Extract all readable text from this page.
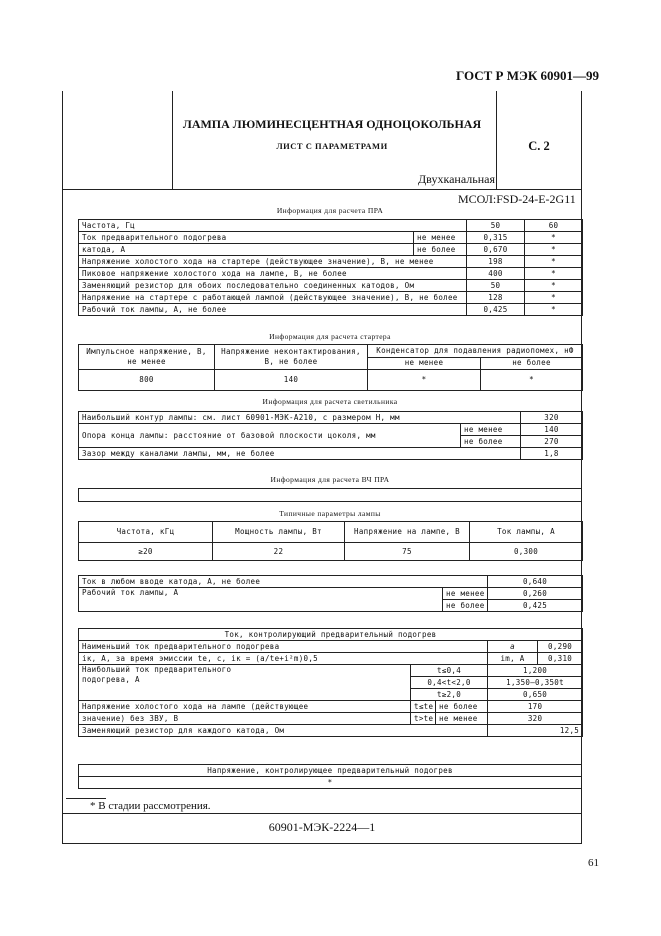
ГОСТ Р МЭК 60901—99
ЛАМПА ЛЮМИНЕСЦЕНТНАЯ ОДНОЦОКОЛЬНАЯ
ЛИСТ С ПАРАМЕТРАМИ	С. 2
Двухканальная
МСОЛ:FSD-24-E-2G11
Информация для расчета ПРА
Частота, Гц		50	60
Ток предварительного подогрева	не менее	0,315	*
катода, А	не более	0,670	*
Напряжение холостого хода на стартере (действующее значение), В, не менее		198	*
Пиковое напряжение холостого хода на лампе, В, не более		400	*
Заменяющий резистор для обоих последовательно соединенных катодов, Ом		50	*
Напряжение на стартере с работающей лампой (действующее значение), В, не более		128	*
Рабочий ток лампы, А, не более		0,425	*
Информация для расчета стартера
Импульсное напряжение, В, не менее	Напряжение неконтактирования, В, не более	Конденсатор для подавления радиопомех, нФ	
		не менее	не более
800	140	*	*
Информация для расчета светильника
Наибольший контур лампы: см. лист 60901-МЭК-А210, с размером H, мм		320
Опора конца лампы: расстояние от базовой плоскости цоколя, мм	не менее	140
	не более	270
Зазор между каналами лампы, мм, не более		1,8
Информация для расчета ВЧ ПРА
Типичные параметры лампы
Частота, кГц	Мощность лампы, Вт	Напряжение на лампе, В	Ток лампы, А
≥20	22	75	0,300
Ток в любом вводе катода, А, не более		0,640
Рабочий ток лампы, А	не менее	0,260
	не более	0,425
Ток, контролирующий предварительный подогрев				
Наименьший ток предварительного подогрева			a	0,290
iк, А, за время эмиссии tе, с, iк = (a/tе+i²m)0,5			im, А	0,310
Наибольший ток предварительного
подогрева, А	t≤0,4		1,200	
	0,4<t<2,0		1,350—0,350t	
	t≥2,0		0,650	
Напряжение холостого хода на лампе (действующее	t≤te	не более	170	
значение) без ЗВУ, В	t>te	не менее	320	
Заменяющий резистор для каждого катода, Ом			12,5	
Напряжение, контролирующее предварительный подогрев
*
* В стадии рассмотрения.
60901-МЭК-2224—1
61
